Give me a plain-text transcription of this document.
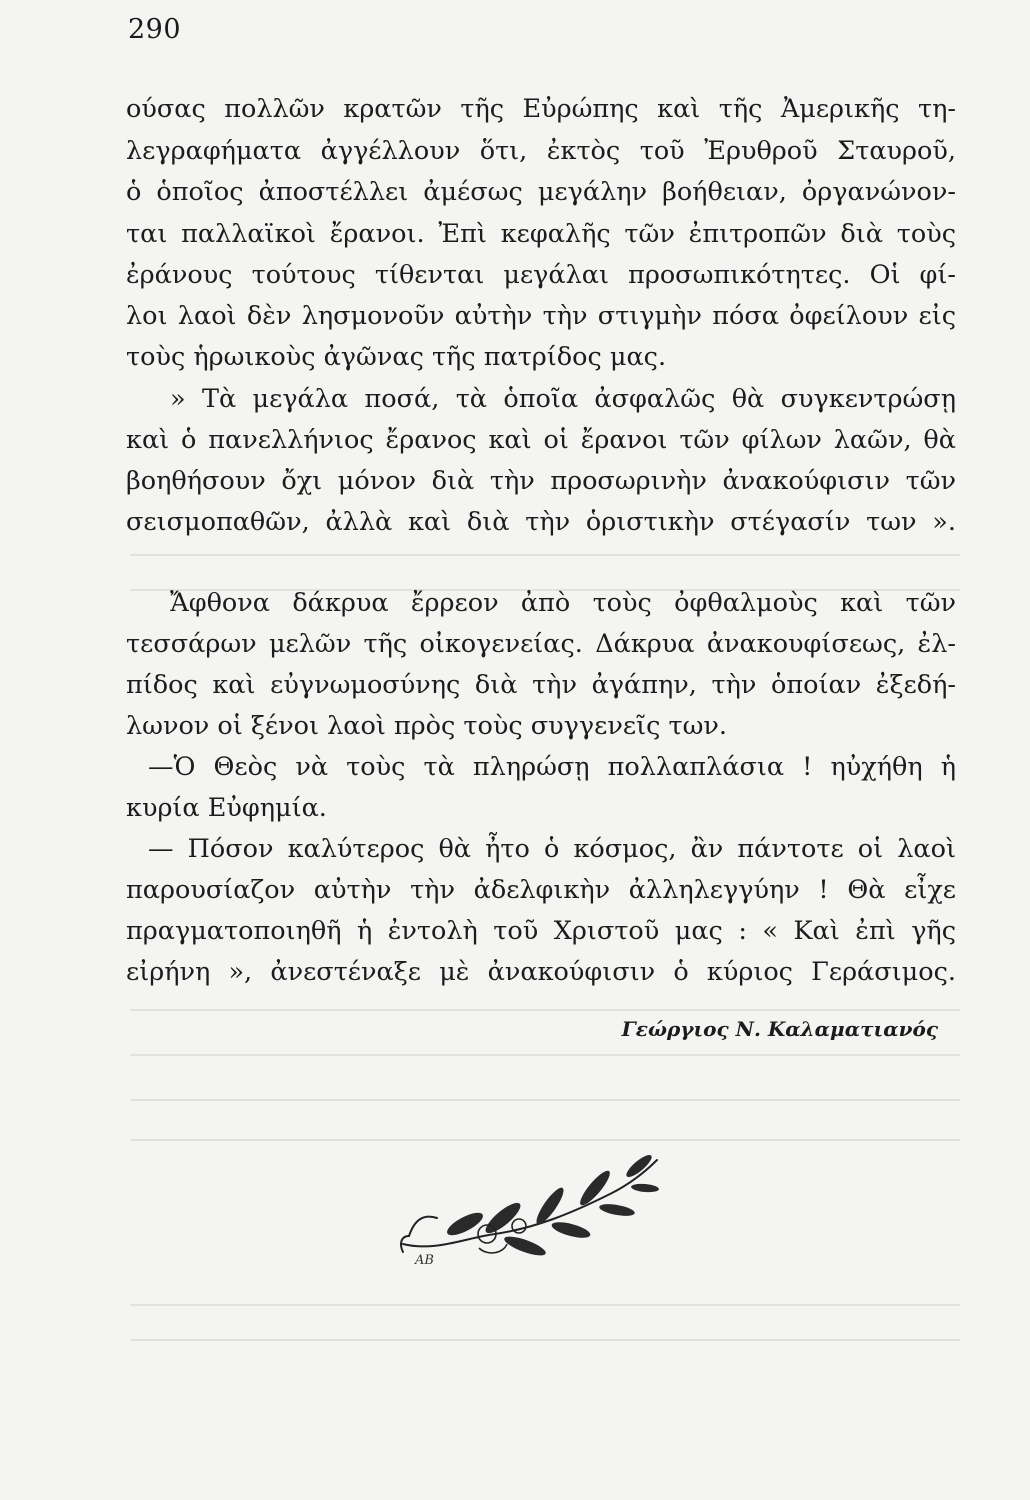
290
ούσας πολλῶν κρατῶν τῆς Εὐρώπης καὶ τῆς Ἀμερικῆς τη-
λεγραφήματα ἀγγέλλουν ὅτι, ἐκτὸς τοῦ Ἐρυθροῦ Σταυροῦ,
ὁ ὁποῖος ἀποστέλλει ἀμέσως μεγάλην βοήθειαν, ὀργανώνον-
ται παλλαϊκοὶ ἔρανοι. Ἐπὶ κεφαλῆς τῶν ἐπιτροπῶν διὰ τοὺς
ἐράνους τούτους τίθενται μεγάλαι προσωπικότητες. Οἱ φί-
λοι λαοὶ δὲν λησμονοῦν αὐτὴν τὴν στιγμὴν πόσα ὀφείλουν εἰς
τοὺς ἡρωικοὺς ἀγῶνας τῆς πατρίδος μας.
» Τὰ μεγάλα ποσά, τὰ ὁποῖα ἀσφαλῶς θὰ συγκεντρώσῃ
καὶ ὁ πανελλήνιος ἔρανος καὶ οἱ ἔρανοι τῶν φίλων λαῶν, θὰ
βοηθήσουν ὄχι μόνον διὰ τὴν προσωρινὴν ἀνακούφισιν τῶν
σεισμοπαθῶν, ἀλλὰ καὶ διὰ τὴν ὁριστικὴν στέγασίν των ».
Ἄφθονα δάκρυα ἔρρεον ἀπὸ τοὺς ὀφθαλμοὺς καὶ τῶν
τεσσάρων μελῶν τῆς οἰκογενείας. Δάκρυα ἀνακουφίσεως, ἐλ-
πίδος καὶ εὐγνωμοσύνης διὰ τὴν ἀγάπην, τὴν ὁποίαν ἐξεδή-
λωνον οἱ ξένοι λαοὶ πρὸς τοὺς συγγενεῖς των.
—Ὁ Θεὸς νὰ τοὺς τὰ πληρώσῃ πολλαπλάσια ! ηὐχήθη ἡ
κυρία Εὐφημία.
— Πόσον καλύτερος θὰ ἦτο ὁ κόσμος, ἂν πάντοτε οἱ λαοὶ
παρουσίαζον αὐτὴν τὴν ἀδελφικὴν ἀλληλεγγύην ! Θὰ εἶχε
πραγματοποιηθῆ ἡ ἐντολὴ τοῦ Χριστοῦ μας : « Καὶ ἐπὶ γῆς
εἰρήνη », ἀνεστέναξε μὲ ἀνακούφισιν ὁ κύριος Γεράσιμος.
Γεώργιος Ν. Καλαματιανός
ΑΒ
